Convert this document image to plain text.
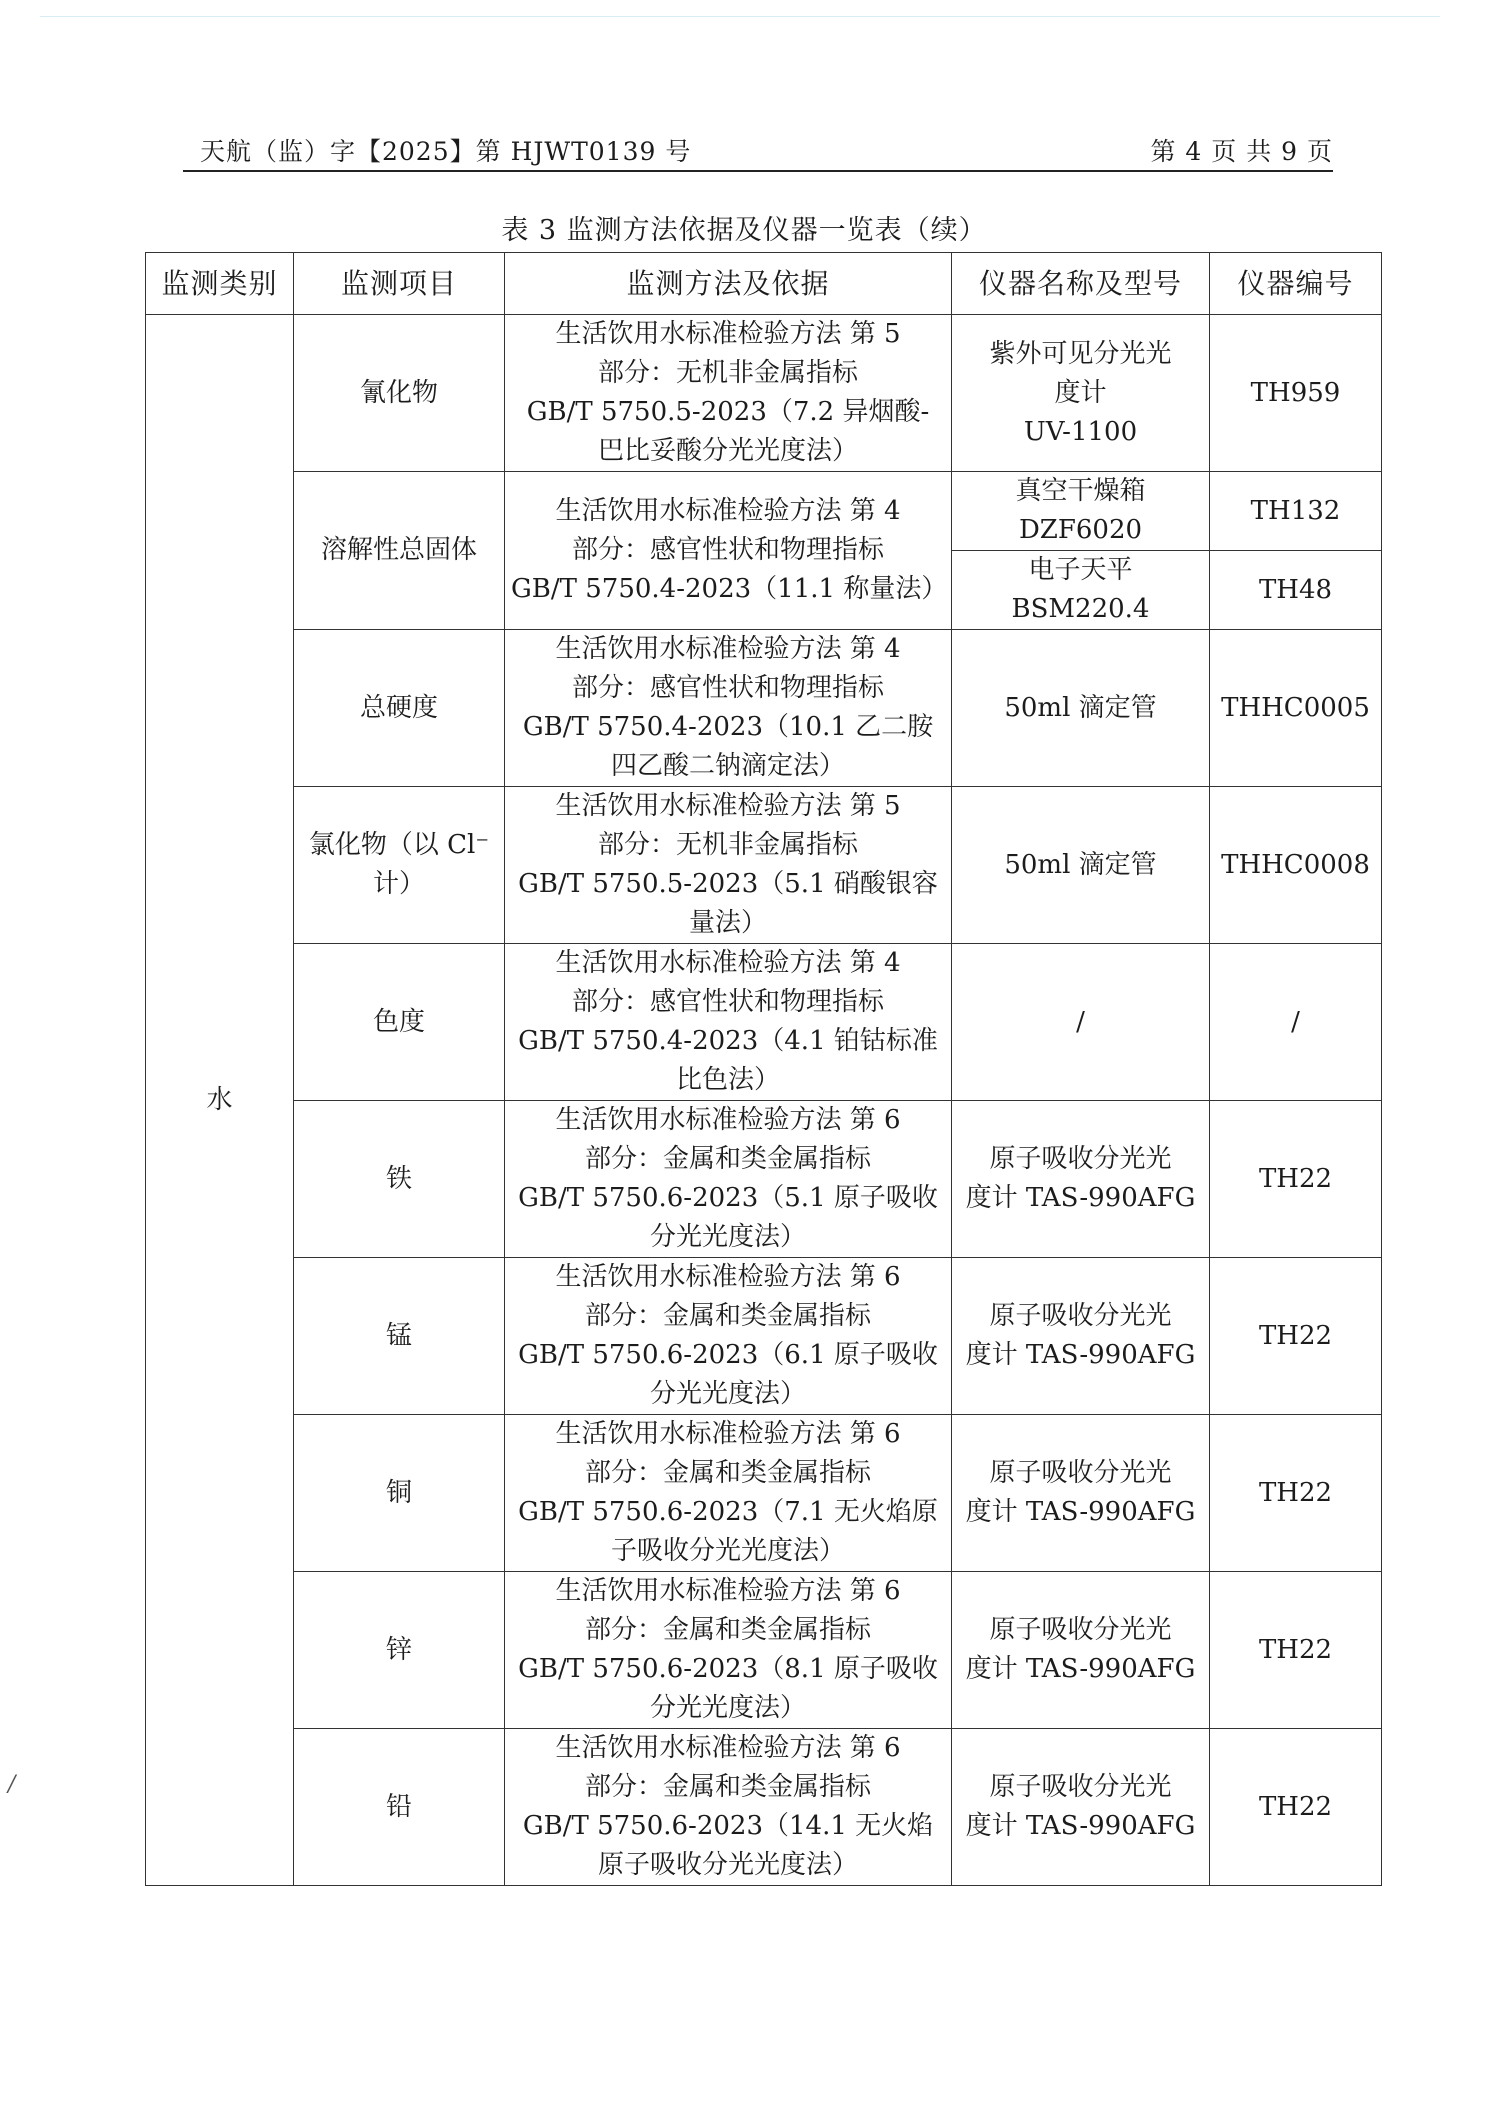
天航（监）字【2025】第 HJWT0139 号	第 4 页 共 9 页
表 3 监测方法依据及仪器一览表（续）
监测类别	监测项目	监测方法及依据	仪器名称及型号	仪器编号
水	氰化物	生活饮用水标准检验方法 第 5
部分：无机非金属指标
GB/T 5750.5-2023（7.2 异烟酸-
巴比妥酸分光光度法）	紫外可见分光光
度计
UV-1100	TH959
	溶解性总固体	生活饮用水标准检验方法 第 4
部分：感官性状和物理指标
GB/T 5750.4-2023（11.1 称量法）	真空干燥箱
DZF6020	TH132
			电子天平
BSM220.4	TH48
	总硬度	生活饮用水标准检验方法 第 4
部分：感官性状和物理指标
GB/T 5750.4-2023（10.1 乙二胺
四乙酸二钠滴定法）	50ml 滴定管	THHC0005
	氯化物（以 Cl⁻计）	生活饮用水标准检验方法 第 5
部分：无机非金属指标
GB/T 5750.5-2023（5.1 硝酸银容
量法）	50ml 滴定管	THHC0008
	色度	生活饮用水标准检验方法 第 4
部分：感官性状和物理指标
GB/T 5750.4-2023（4.1 铂钴标准
比色法）	/	/
	铁	生活饮用水标准检验方法 第 6
部分：金属和类金属指标
GB/T 5750.6-2023（5.1 原子吸收
分光光度法）	原子吸收分光光
度计 TAS-990AFG	TH22
	锰	生活饮用水标准检验方法 第 6
部分：金属和类金属指标
GB/T 5750.6-2023（6.1 原子吸收
分光光度法）	原子吸收分光光
度计 TAS-990AFG	TH22
	铜	生活饮用水标准检验方法 第 6
部分：金属和类金属指标
GB/T 5750.6-2023（7.1 无火焰原
子吸收分光光度法）	原子吸收分光光
度计 TAS-990AFG	TH22
	锌	生活饮用水标准检验方法 第 6
部分：金属和类金属指标
GB/T 5750.6-2023（8.1 原子吸收
分光光度法）	原子吸收分光光
度计 TAS-990AFG	TH22
	铅	生活饮用水标准检验方法 第 6
部分：金属和类金属指标
GB/T 5750.6-2023（14.1 无火焰
原子吸收分光光度法）	原子吸收分光光
度计 TAS-990AFG	TH22
/
